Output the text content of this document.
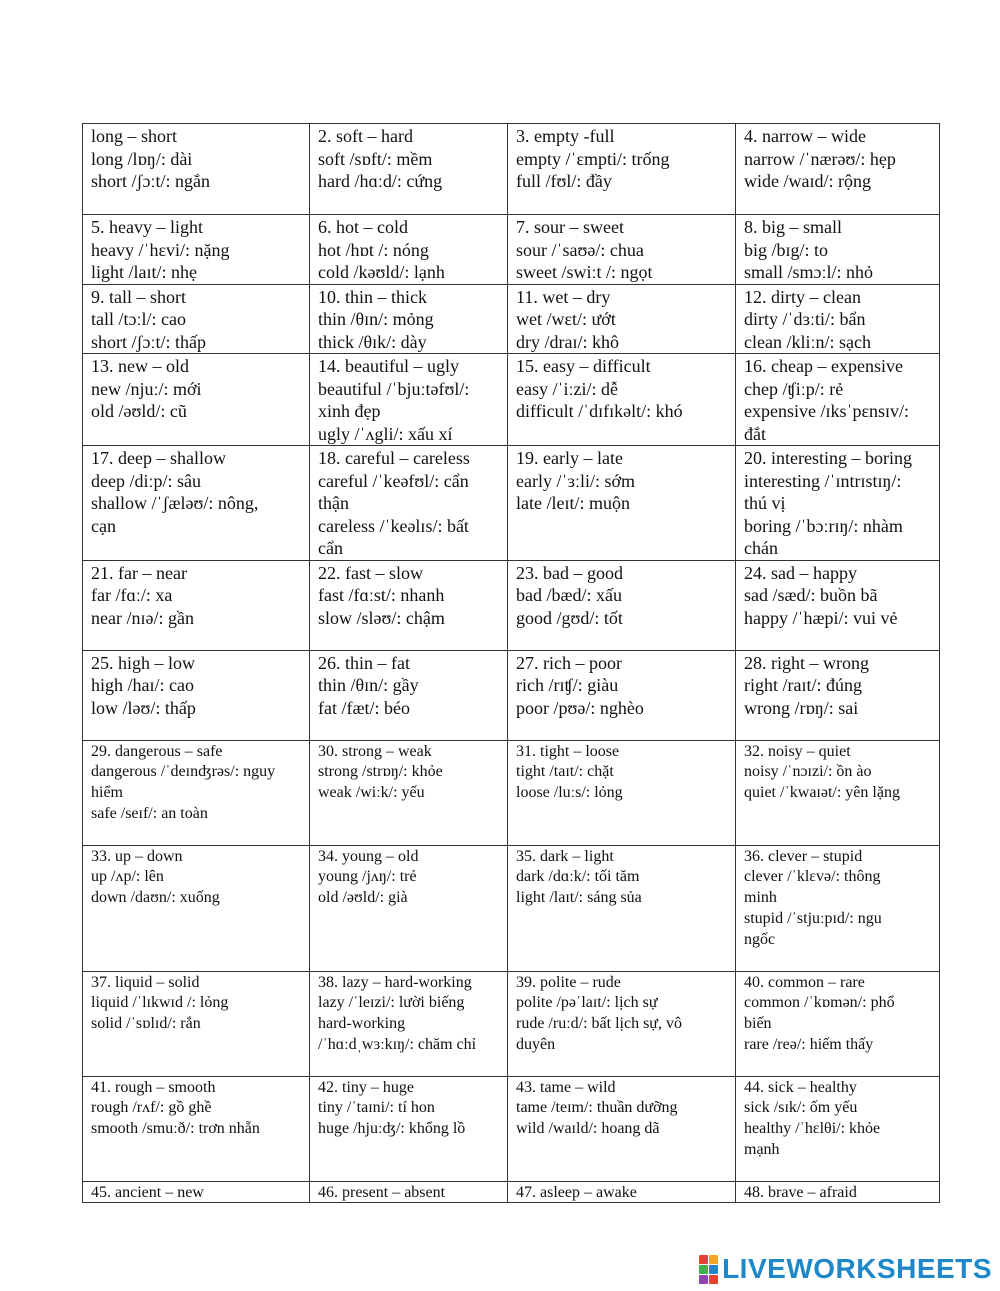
long – short
long /lɒŋ/: dài
short /ʃɔːt/: ngắn	2. soft – hard
soft /sɒft/: mềm
hard /hɑːd/: cứng	3. empty -full
empty /ˈɛmpti/: trống
full /fʊl/: đầy	4. narrow – wide
narrow /ˈnærəʊ/: hẹp
wide /waɪd/: rộng

5. heavy – light
heavy /ˈhɛvi/: nặng
light /laɪt/: nhẹ	6. hot – cold
hot /hɒt /: nóng
cold /kəʊld/: lạnh	7. sour – sweet
sour /ˈsaʊə/: chua
sweet /swiːt /: ngọt	8. big – small
big /bɪg/: to
small /smɔːl/: nhỏ

9. tall – short
tall /tɔːl/: cao
short /ʃɔːt/: thấp	10. thin – thick
thin /θɪn/: mỏng
thick /θɪk/: dày	11. wet – dry
wet /wɛt/: ướt
dry /draɪ/: khô	12. dirty – clean
dirty /ˈdɜːti/: bẩn
clean /kliːn/: sạch

13. new – old
new /njuː/: mới
old /əʊld/: cũ	14. beautiful – ugly
beautiful /ˈbjuːtəfʊl/:
xinh đẹp
ugly /ˈʌgli/: xấu xí	15. easy – difficult
easy /ˈiːzi/: dễ
difficult /ˈdɪfɪkəlt/: khó	16. cheap – expensive
chep /ʧiːp/: rẻ
expensive /ɪksˈpɛnsɪv/:
đắt

17. deep – shallow
deep /diːp/: sâu
shallow /ˈʃæləʊ/: nông,
cạn	18. careful – careless
careful /ˈkeəfʊl/: cẩn
thận
careless /ˈkeəlɪs/: bất
cẩn	19. early – late
early /ˈɜːli/: sớm
late /leɪt/: muộn	20. interesting – boring
interesting /ˈɪntrɪstɪŋ/:
thú vị
boring /ˈbɔːrɪŋ/: nhàm
chán

21. far – near
far /fɑː/: xa
near /nɪə/: gần	22. fast – slow
fast /fɑːst/: nhanh
slow /sləʊ/: chậm	23. bad – good
bad /bæd/: xấu
good /gʊd/: tốt	24. sad – happy
sad /sæd/: buồn bã
happy /ˈhæpi/: vui vẻ

25. high – low
high /haɪ/: cao
low /ləʊ/: thấp	26. thin – fat
thin /θɪn/: gầy
fat /fæt/: béo	27. rich – poor
rich /rɪʧ/: giàu
poor /pʊə/: nghèo	28. right – wrong
right /raɪt/: đúng
wrong /rɒŋ/: sai

29. dangerous – safe
dangerous /ˈdeɪnʤrəs/: nguy
hiểm
safe /seɪf/: an toàn	30. strong – weak
strong /strɒŋ/: khỏe
weak /wiːk/: yếu	31. tight – loose
tight /taɪt/: chặt
loose /luːs/: lỏng	32. noisy – quiet
noisy /ˈnɔɪzi/: ồn ào
quiet /ˈkwaɪət/: yên lặng

33. up – down
up /ʌp/: lên
down /daʊn/: xuống	34. young – old
young /jʌŋ/: trẻ
old /əʊld/: già	35. dark – light
dark /dɑːk/: tối tăm
light /laɪt/: sáng sủa	36. clever – stupid
clever /ˈklɛvə/: thông
minh
stupid /ˈstjuːpɪd/: ngu
ngốc

37. liquid – solid
liquid /ˈlɪkwɪd /: lỏng
solid /ˈsɒlɪd/: rắn	38. lazy – hard-working
lazy /ˈleɪzi/: lười biếng
hard-working
/ˈhɑːdˌwɜːkɪŋ/: chăm chỉ	39. polite – rude
polite /pəˈlaɪt/: lịch sự
rude /ruːd/: bất lịch sự, vô
duyên	40. common – rare
common /ˈkɒmən/: phổ
biến
rare /reə/: hiếm thấy

41. rough – smooth
rough /rʌf/: gồ ghề
smooth /smuːð/: trơn nhẵn	42. tiny – huge
tiny /ˈtaɪni/: tí hon
huge /hjuːʤ/: khổng lồ	43. tame – wild
tame /teɪm/: thuần dưỡng
wild /waɪld/: hoang dã	44. sick – healthy
sick /sɪk/: ốm yếu
healthy /ˈhɛlθi/: khỏe
mạnh

45. ancient – new	46. present – absent	47. asleep – awake	48. brave – afraid
LIVEWORKSHEETS
